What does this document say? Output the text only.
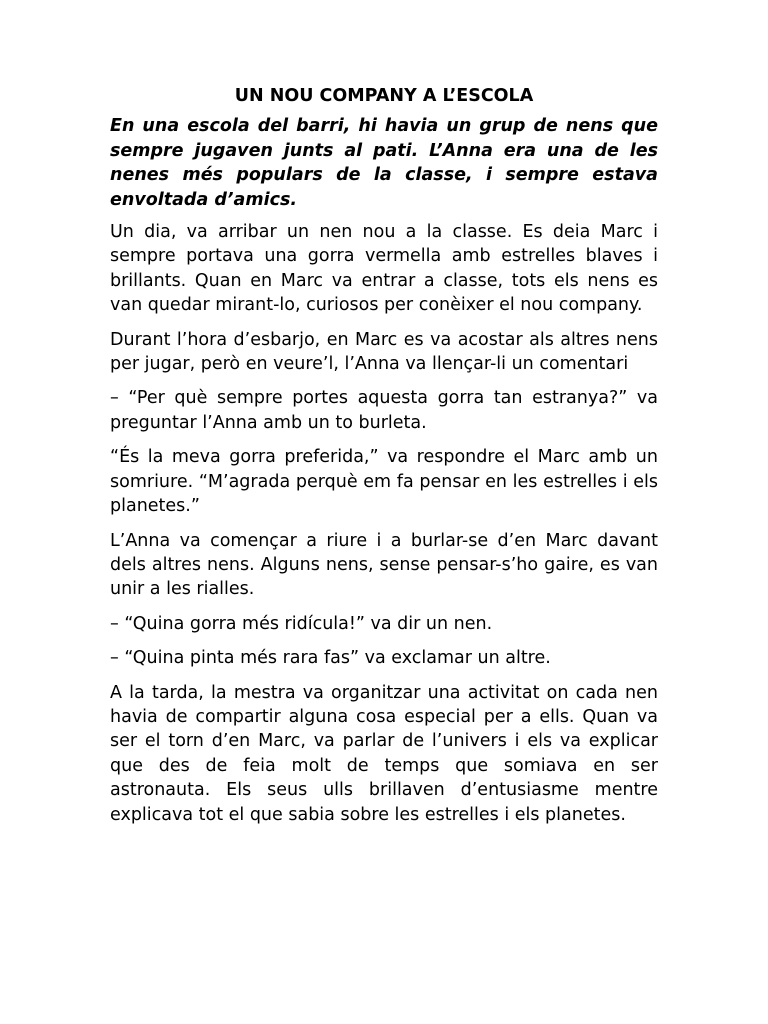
UN NOU COMPANY A L’ESCOLA
En una escola del barri, hi havia un grup de nens que sempre jugaven junts al pati. L’Anna era una de les nenes més populars de la classe, i sempre estava envoltada d’amics.
Un dia, va arribar un nen nou a la classe. Es deia Marc i sempre portava una gorra vermella amb estrelles blaves i brillants. Quan en Marc va entrar a classe, tots els nens es van quedar mirant-lo, curiosos per conèixer el nou company.
Durant l’hora d’esbarjo, en Marc es va acostar als altres nens per jugar, però en veure’l, l’Anna va llençar-li un comentari
– “Per què sempre portes aquesta gorra tan estranya?” va preguntar l’Anna amb un to burleta.
“És la meva gorra preferida,” va respondre el Marc amb un somriure. “M’agrada perquè em fa pensar en les estrelles i els planetes.”
L’Anna va començar a riure i a burlar-se d’en Marc davant dels altres nens. Alguns nens, sense pensar-s’ho gaire, es van unir a les rialles.
– “Quina gorra més ridícula!” va dir un nen.
– “Quina pinta més rara fas” va exclamar un altre.
A la tarda, la mestra va organitzar una activitat on cada nen havia de compartir alguna cosa especial per a ells. Quan va ser el torn d’en Marc, va parlar de l’univers i els va explicar que des de feia molt de temps que somiava en ser astronauta. Els seus ulls brillaven d’entusiasme mentre explicava tot el que sabia sobre les estrelles i els planetes.
